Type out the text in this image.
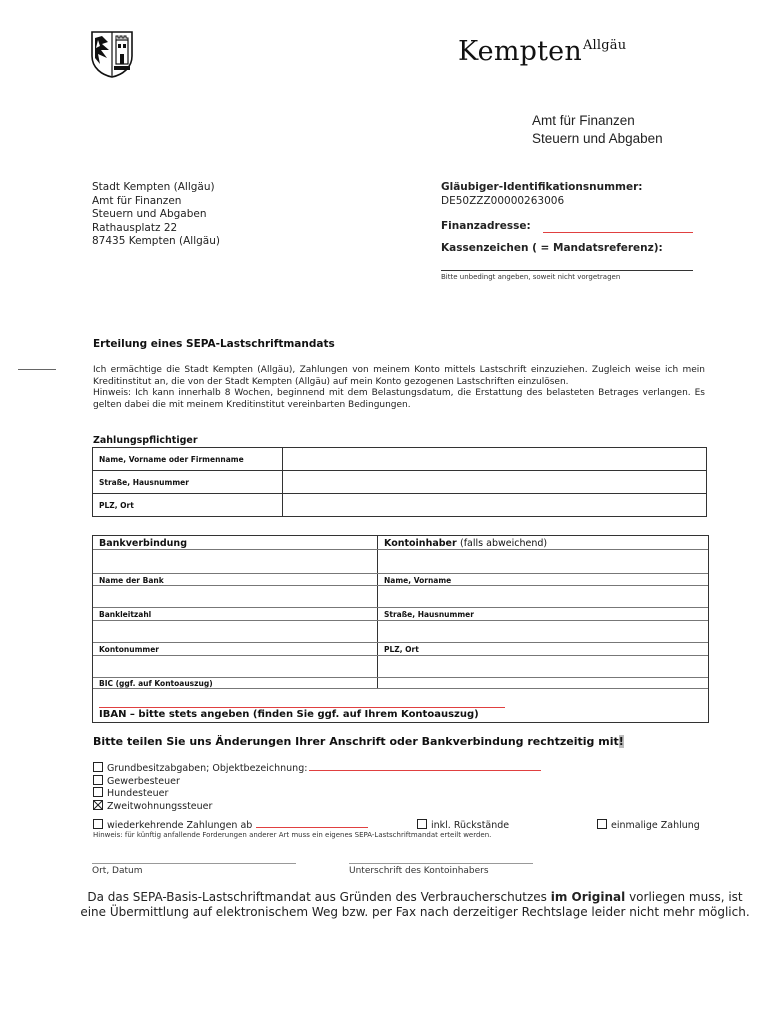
Kempten$^{Allgäu}$
Amt für Finanzen
Steuern und Abgaben
Stadt Kempten (Allgäu)
Amt für Finanzen
Steuern und Abgaben
Rathausplatz 22
87435 Kempten (Allgäu)
Gläubiger-Identifikationsnummer:
DE50ZZZ00000263006
Finanzadresse:
Kassenzeichen ( = Mandatsreferenz):
Bitte unbedingt angeben, soweit nicht vorgetragen
Erteilung eines SEPA-Lastschriftmandats
Ich ermächtige die Stadt Kempten (Allgäu), Zahlungen von meinem Konto mittels Lastschrift einzuziehen. Zugleich weise ich mein Kreditinstitut an, die von der Stadt Kempten (Allgäu) auf mein Konto gezogenen Lastschriften einzulösen.
Hinweis: Ich kann innerhalb 8 Wochen, beginnend mit dem Belastungsdatum, die Erstattung des belasteten Betrages verlangen. Es gelten dabei die mit meinem Kreditinstitut vereinbarten Bedingungen.
Zahlungspflichtiger
Name, Vorname oder Firmenname	
Straße, Hausnummer	
PLZ, Ort	
Bankverbindung	Kontoinhaber (falls abweichend)
Name der Bank	Name, Vorname
Bankleitzahl	Straße, Hausnummer
Kontonummer	PLZ, Ort
BIC (ggf. auf Kontoauszug)
IBAN – bitte stets angeben (finden Sie ggf. auf Ihrem Kontoauszug)
Bitte teilen Sie uns Änderungen Ihrer Anschrift oder Bankverbindung rechtzeitig mit!
Grundbesitzabgaben; Objektbezeichnung:
Gewerbesteuer
Hundesteuer
Zweitwohnungssteuer
wiederkehrende Zahlungen ab	inkl. Rückstände	einmalige Zahlung
Hinweis: für künftig anfallende Forderungen anderer Art muss ein eigenes SEPA-Lastschriftmandat erteilt werden.
Ort, Datum	Unterschrift des Kontoinhabers
Da das SEPA-Basis-Lastschriftmandat aus Gründen des Verbraucherschutzes im Original vorliegen muss, ist eine Übermittlung auf elektronischem Weg bzw. per Fax nach derzeitiger Rechtslage leider nicht mehr möglich.
